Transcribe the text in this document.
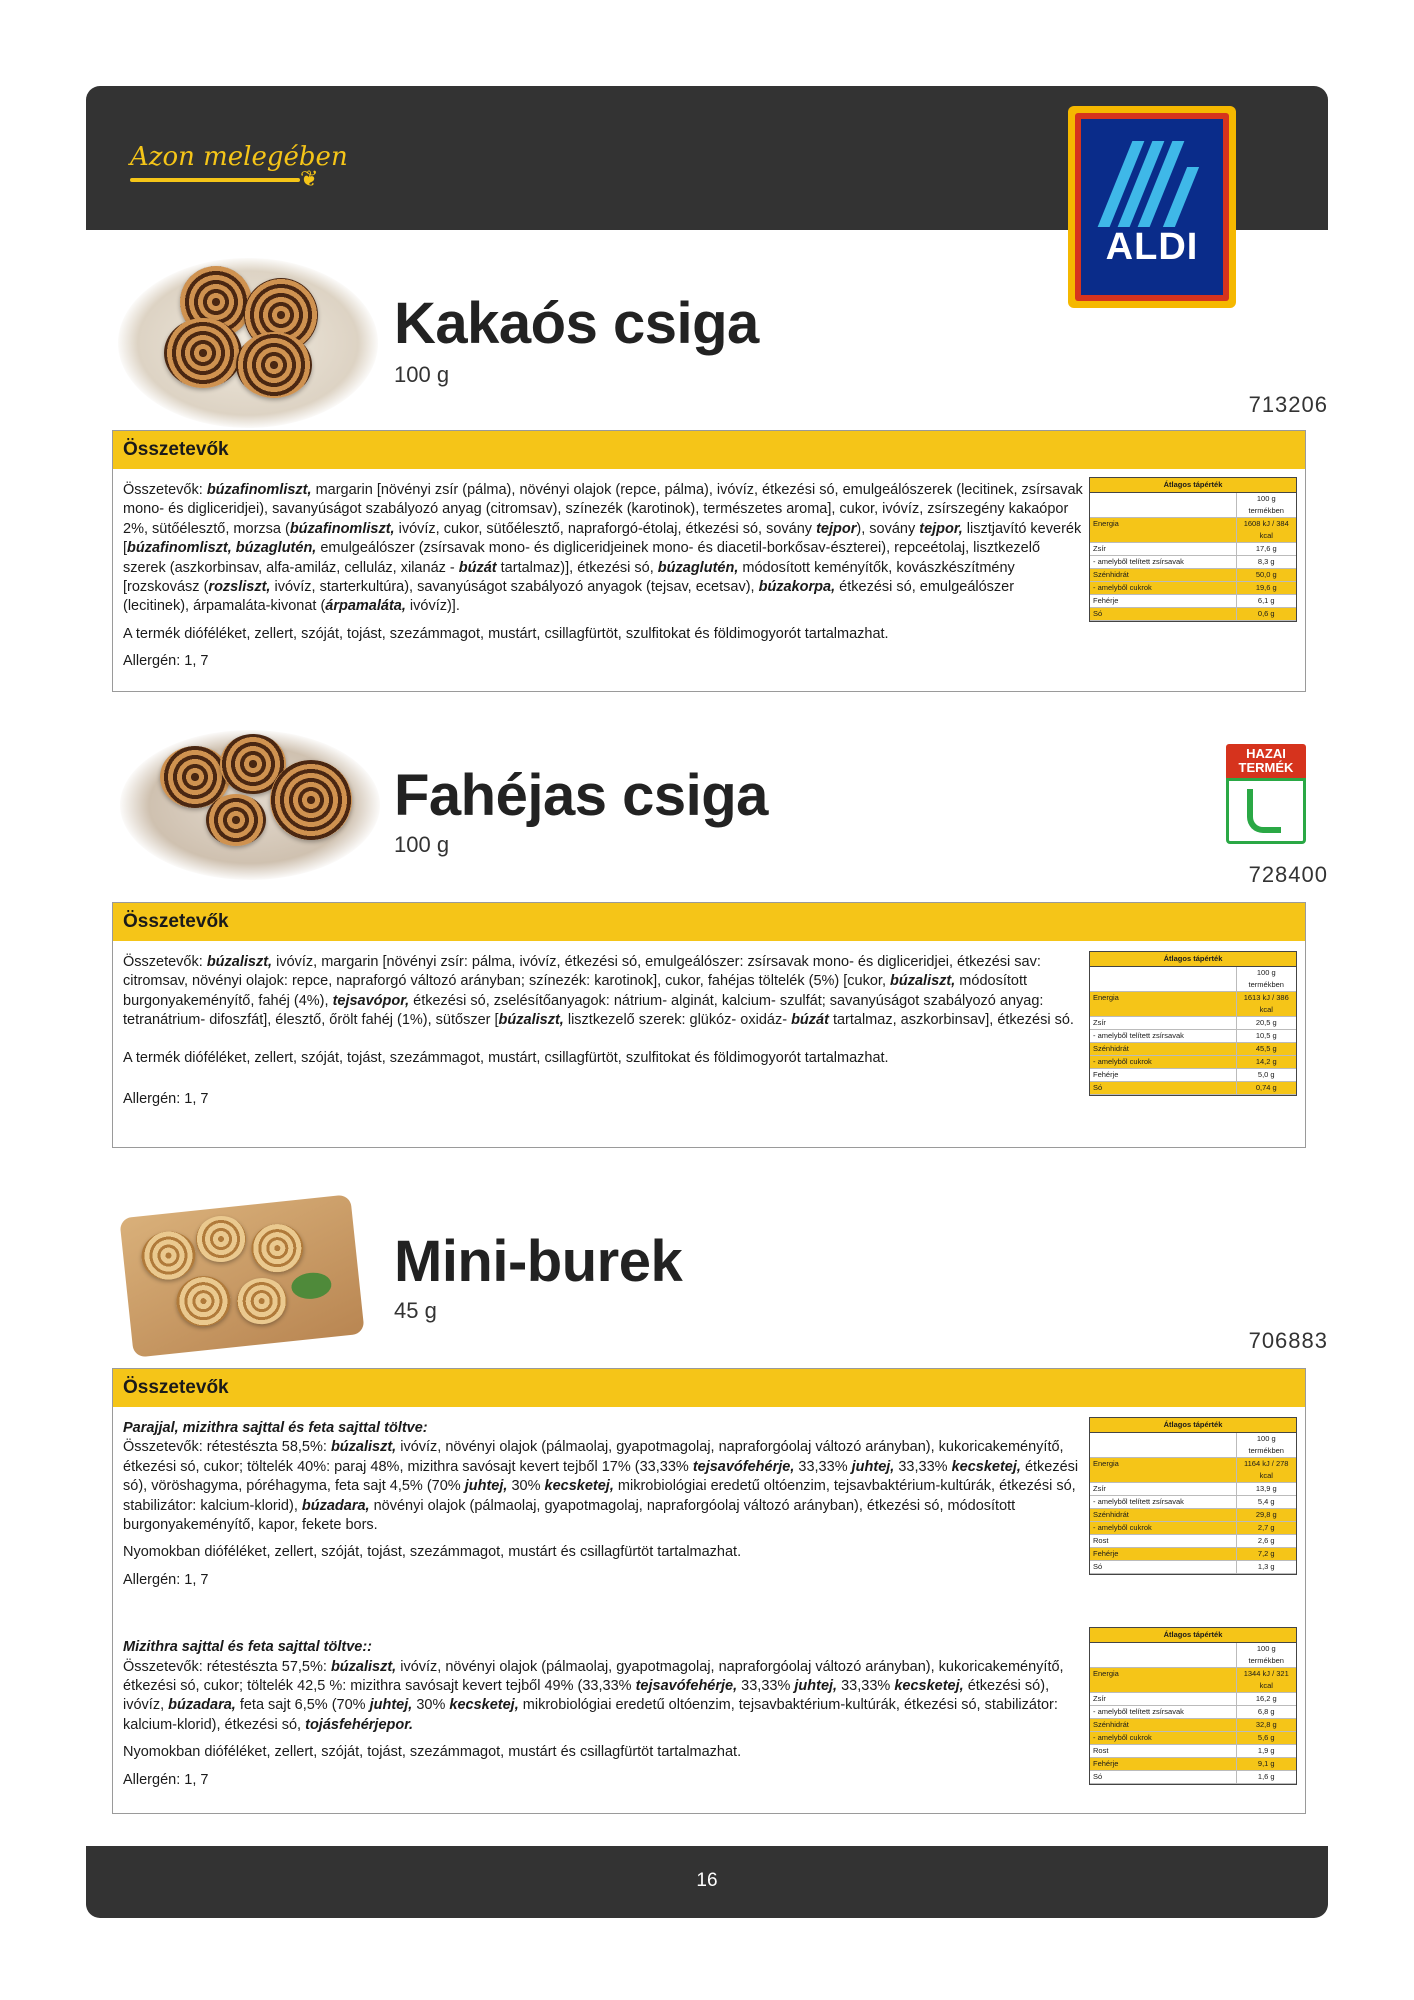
Azon melegében
❦
ALDI
Kakaós csiga
100 g
713206
Összetevők

Összetevők: búzafinomliszt, margarin [növényi zsír (pálma), növényi olajok (repce, pálma), ivóvíz, étkezési só, emulgeálószerek (lecitinek, zsírsavak mono- és digliceridjei), savanyúságot szabályozó anyag (citromsav), színezék (karotinok), természetes aroma], cukor, ivóvíz, zsírszegény kakaópor 2%, sütőélesztő, morzsa (búzafinomliszt, ivóvíz, cukor, sütőélesztő, napraforgó-étolaj, étkezési só, sovány tejpor), sovány tejpor, lisztjavító keverék [búzafinomliszt, búzaglutén, emulgeálószer (zsírsavak mono- és digliceridjeinek mono- és diacetil-borkősav-észterei), repceétolaj, lisztkezelő szerek (aszkorbinsav, alfa-amiláz, celluláz, xilanáz - búzát tartalmaz)], étkezési só, búzaglutén, módosított keményítők, kovászkészítmény [rozskovász (rozsliszt, ivóvíz, starterkultúra), savanyúságot szabályozó anyagok (tejsav, ecetsav), búzakorpa, étkezési só, emulgeálószer (lecitinek), árpamaláta-kivonat (árpamaláta, ivóvíz)].

A termék dióféléket, zellert, szóját, tojást, szezámmagot, mustárt, csillagfürtöt, szulfitokat és földimogyorót tartalmazhat.

Allergén: 1, 7

Átlagos tápérték	
	100 g termékben
Energia	1608 kJ / 384 kcal
Zsír	17,6 g
- amelyből telített zsírsavak	8,3 g
Szénhidrát	50,0 g
- amelyből cukrok	19,6 g
Fehérje	6,1 g
Só	0,6 g
Fahéjas csiga
100 g
728400
HAZAI
TERMÉK
Összetevők

Összetevők: búzaliszt, ivóvíz, margarin [növényi zsír: pálma, ivóvíz, étkezési só, emulgeálószer: zsírsavak mono- és digliceridjei, étkezési sav: citromsav, növényi olajok: repce, napraforgó változó arányban; színezék: karotinok], cukor, fahéjas töltelék (5%) [cukor, búzaliszt, módosított burgonyakeményítő, fahéj (4%), tejsavópor, étkezési só, zselésítőanyagok: nátrium- alginát, kalcium- szulfát; savanyúságot szabályozó anyag: tetranátrium- difoszfát], élesztő, őrölt fahéj (1%), sütőszer [búzaliszt, lisztkezelő szerek: glükóz- oxidáz- búzát tartalmaz, aszkorbinsav], étkezési só.

A termék dióféléket, zellert, szóját, tojást, szezámmagot, mustárt, csillagfürtöt, szulfitokat és földimogyorót tartalmazhat.

Allergén: 1, 7

Átlagos tápérték	
	100 g termékben
Energia	1613 kJ / 386 kcal
Zsír	20,5 g
- amelyből telített zsírsavak	10,5 g
Szénhidrát	45,5 g
- amelyből cukrok	14,2 g
Fehérje	5,0 g
Só	0,74 g
Mini-burek
45 g
706883
Összetevők
Parajjal, mizithra sajttal és feta sajttal töltve:

Összetevők: rétestészta 58,5%: búzaliszt, ivóvíz, növényi olajok (pálmaolaj, gyapotmagolaj, napraforgóolaj változó arányban), kukoricakeményítő, étkezési só, cukor; töltelék 40%: paraj 48%, mizithra savósajt kevert tejből 17% (33,33% tejsavófehérje, 33,33% juhtej, 33,33% kecsketej, étkezési só), vöröshagyma, póréhagyma, feta sajt 4,5% (70% juhtej, 30% kecsketej, mikrobiológiai eredetű oltóenzim, tejsavbaktérium-kultúrák, étkezési só, stabilizátor: kalcium-klorid), búzadara, növényi olajok (pálmaolaj, gyapotmagolaj, napraforgóolaj változó arányban), étkezési só, módosított burgonyakeményítő, kapor, fekete bors.

Nyomokban dióféléket, zellert, szóját, tojást, szezámmagot, mustárt és csillagfürtöt tartalmazhat.

Allergén: 1, 7

Mizithra sajttal és feta sajttal töltve::

Összetevők: rétestészta 57,5%: búzaliszt, ivóvíz, növényi olajok (pálmaolaj, gyapotmagolaj, napraforgóolaj változó arányban), kukoricakeményítő, étkezési só, cukor; töltelék 42,5 %: mizithra savósajt kevert tejből 49% (33,33% tejsavófehérje, 33,33% juhtej, 33,33% kecsketej, étkezési só), ivóvíz, búzadara, feta sajt 6,5% (70% juhtej, 30% kecsketej, mikrobiológiai eredetű oltóenzim, tejsavbaktérium-kultúrák, étkezési só, stabilizátor: kalcium-klorid), étkezési só, tojásfehérjepor.

Nyomokban dióféléket, zellert, szóját, tojást, szezámmagot, mustárt és csillagfürtöt tartalmazhat.

Allergén: 1, 7

Átlagos tápérték	
	100 g termékben
Energia	1164 kJ / 278 kcal
Zsír	13,9 g
- amelyből telített zsírsavak	5,4 g
Szénhidrát	29,8 g
- amelyből cukrok	2,7 g
Rost	2,6 g
Fehérje	7,2 g
Só	1,3 g
Átlagos tápérték	
	100 g termékben
Energia	1344 kJ / 321 kcal
Zsír	16,2 g
- amelyből telített zsírsavak	6,8 g
Szénhidrát	32,8 g
- amelyből cukrok	5,6 g
Rost	1,9 g
Fehérje	9,1 g
Só	1,6 g
16
